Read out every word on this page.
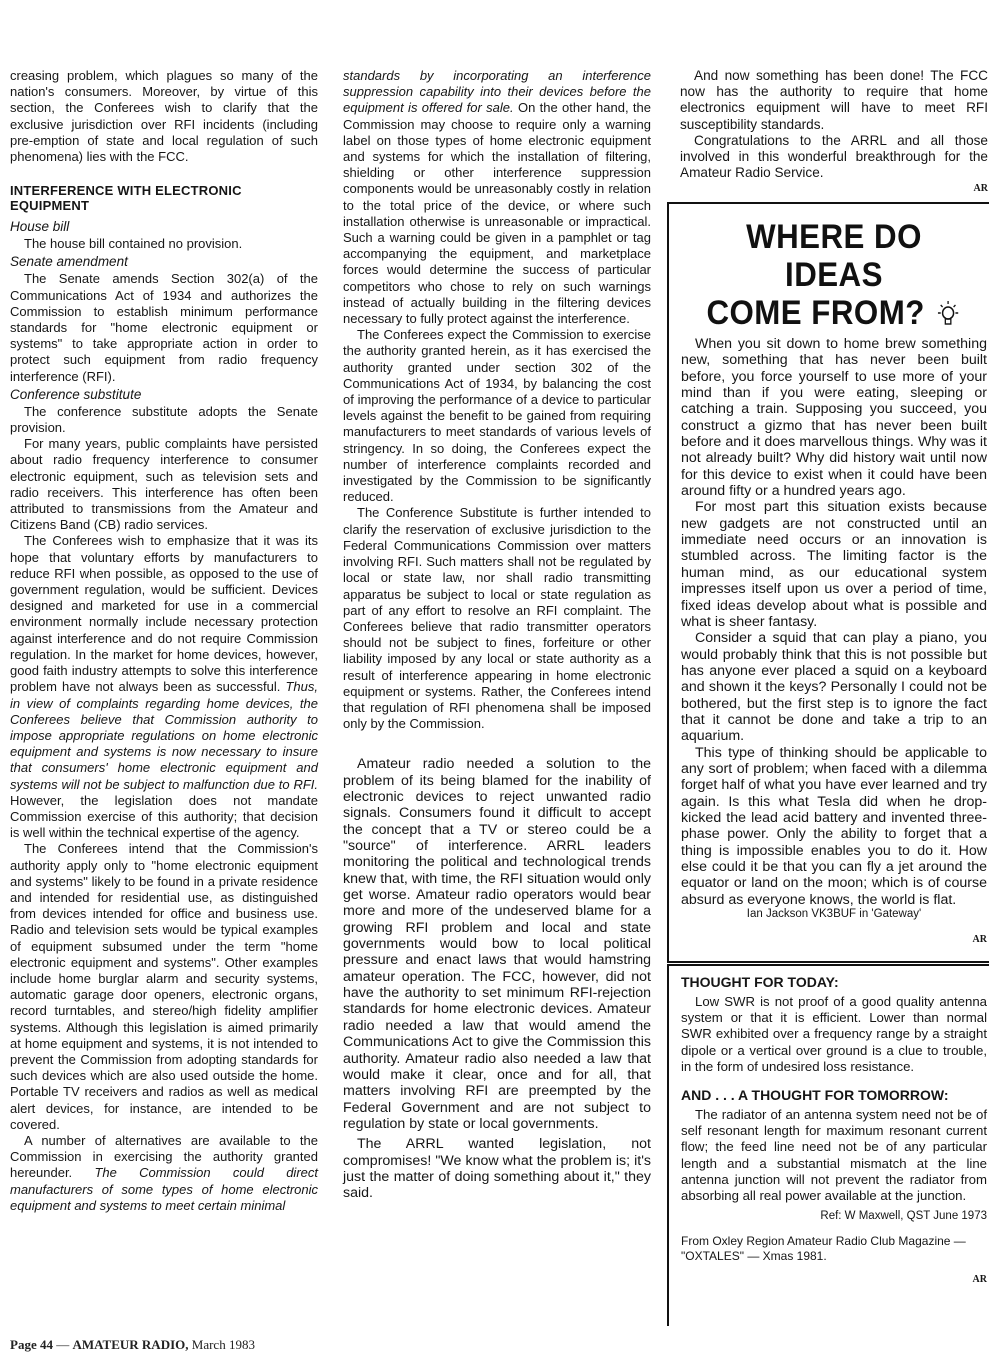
creasing problem, which plagues so many of the nation's consumers. Moreover, by virtue of this section, the Conferees wish to clarify that the exclusive jurisdiction over RFI incidents (including pre-emption of state and local regulation of such phenomena) lies with the FCC.

INTERFERENCE WITH ELECTRONIC EQUIPMENT
House bill

The house bill contained no provision.

Senate amendment

The Senate amends Section 302(a) of the Communications Act of 1934 and authorizes the Commission to establish minimum performance standards for "home electronic equipment or systems" to take appropriate action in order to protect such equipment from radio frequency interference (RFI).

Conference substitute

The conference substitute adopts the Senate provision.

For many years, public complaints have persisted about radio frequency interference to consumer electronic equipment, such as television sets and radio receivers. This interference has often been attributed to transmissions from the Amateur and Citizens Band (CB) radio services.

The Conferees wish to emphasize that it was its hope that voluntary efforts by manufacturers to reduce RFI when possible, as opposed to the use of government regulation, would be sufficient. Devices designed and marketed for use in a commercial environment normally include necessary protection against interference and do not require Commission regulation. In the market for home devices, however, good faith industry attempts to solve this interference problem have not always been as successful. Thus, in view of complaints regarding home devices, the Conferees believe that Commission authority to impose appropriate regulations on home electronic equipment and systems is now necessary to insure that consumers' home electronic equipment and systems will not be subject to malfunction due to RFI. However, the legislation does not mandate Commission exercise of this authority; that decision is well within the technical expertise of the agency.

The Conferees intend that the Commission's authority apply only to "home electronic equipment and systems" likely to be found in a private residence and intended for residential use, as distinguished from devices intended for office and business use. Radio and television sets would be typical examples of equipment subsumed under the term "home electronic equipment and systems". Other examples include home burglar alarm and security systems, automatic garage door openers, electronic organs, record turntables, and stereo/high fidelity amplifier systems. Although this legislation is aimed primarily at home equipment and systems, it is not intended to prevent the Commission from adopting standards for such devices which are also used outside the home. Portable TV receivers and radios as well as medical alert devices, for instance, are intended to be covered.

A number of alternatives are available to the Commission in exercising the authority granted hereunder. The Commission could direct manufacturers of some types of home electronic equipment and systems to meet certain minimal

standards by incorporating an interference suppression capability into their devices before the equipment is offered for sale. On the other hand, the Commission may choose to require only a warning label on those types of home electronic equipment and systems for which the installation of filtering, shielding or other interference suppression components would be unreasonably costly in relation to the total price of the device, or where such installation otherwise is unreasonable or impractical. Such a warning could be given in a pamphlet or tag accompanying the equipment, and marketplace forces would determine the success of particular competitors who chose to rely on such warnings instead of actually building in the filtering devices necessary to fully protect against the interference.

The Conferees expect the Commission to exercise the authority granted herein, as it has exercised the authority granted under section 302 of the Communications Act of 1934, by balancing the cost of improving the performance of a device to particular levels against the benefit to be gained from requiring manufacturers to meet standards of various levels of stringency. In so doing, the Conferees expect the number of interference complaints recorded and investigated by the Commission to be significantly reduced.

The Conference Substitute is further intended to clarify the reservation of exclusive jurisdiction to the Federal Communications Commission over matters involving RFI. Such matters shall not be regulated by local or state law, nor shall radio transmitting apparatus be subject to local or state regulation as part of any effort to resolve an RFI complaint. The Conferees believe that radio transmitter operators should not be subject to fines, forfeiture or other liability imposed by any local or state authority as a result of interference appearing in home electronic equipment or systems. Rather, the Conferees intend that regulation of RFI phenomena shall be imposed only by the Commission.

Amateur radio needed a solution to the problem of its being blamed for the inability of electronic devices to reject unwanted radio signals. Consumers found it difficult to accept the concept that a TV or stereo could be a "source" of interference. ARRL leaders monitoring the political and technological trends knew that, with time, the RFI situation would only get worse. Amateur radio operators would bear more and more of the undeserved blame for a growing RFI problem and local and state governments would bow to local political pressure and enact laws that would hamstring amateur operation. The FCC, however, did not have the authority to set minimum RFI-rejection standards for home electronic devices. Amateur radio needed a law that would amend the Communications Act to give the Commission this authority. Amateur radio also needed a law that would make it clear, once and for all, that matters involving RFI are preempted by the Federal Government and are not subject to regulation by state or local governments.

The ARRL wanted legislation, not compromises! "We know what the problem is; it's just the matter of doing something about it," they said.

And now something has been done! The FCC now has the authority to require that home electronics equipment will have to meet RFI susceptibility standards.

Congratulations to the ARRL and all those involved in this wonderful breakthrough for the Amateur Radio Service.

AR
WHERE DO IDEAS
COME FROM?

When you sit down to home brew something new, something that has never been built before, you force yourself to use more of your mind than if you were eating, sleeping or catching a train. Supposing you succeed, you construct a gizmo that has never been built before and it does marvellous things. Why was it not already built? Why did history wait until now for this device to exist when it could have been around fifty or a hundred years ago.

For most part this situation exists because new gadgets are not constructed until an immediate need occurs or an innovation is stumbled across. The limiting factor is the human mind, as our educational system impresses itself upon us over a period of time, fixed ideas develop about what is possible and what is sheer fantasy.

Consider a squid that can play a piano, you would probably think that this is not possible but has anyone ever placed a squid on a keyboard and shown it the keys? Personally I could not be bothered, but the first step is to ignore the fact that it cannot be done and take a trip to an aquarium.

This type of thinking should be applicable to any sort of problem; when faced with a dilemma forget half of what you have ever learned and try again. Is this what Tesla did when he drop-kicked the lead acid battery and invented three-phase power. Only the ability to forget that a thing is impossible enables you to do it. How else could it be that you can fly a jet around the equator or land on the moon; which is of course absurd as everyone knows, the world is flat.

Ian Jackson VK3BUF in 'Gateway'
AR
THOUGHT FOR TODAY:

Low SWR is not proof of a good quality antenna system or that it is efficient. Lower than normal SWR exhibited over a frequency range by a straight dipole or a vertical over ground is a clue to trouble, in the form of undesired loss resistance.

AND . . . A THOUGHT FOR TOMORROW:

The radiator of an antenna system need not be of self resonant length for maximum resonant current flow; the feed line need not be of any particular length and a substantial mismatch at the line antenna junction will not prevent the radiator from absorbing all real power available at the junction.

Ref: W Maxwell, QST June 1973
From Oxley Region Amateur Radio Club Magazine — "OXTALES" — Xmas 1981.
AR
Page 44 — AMATEUR RADIO, March 1983
